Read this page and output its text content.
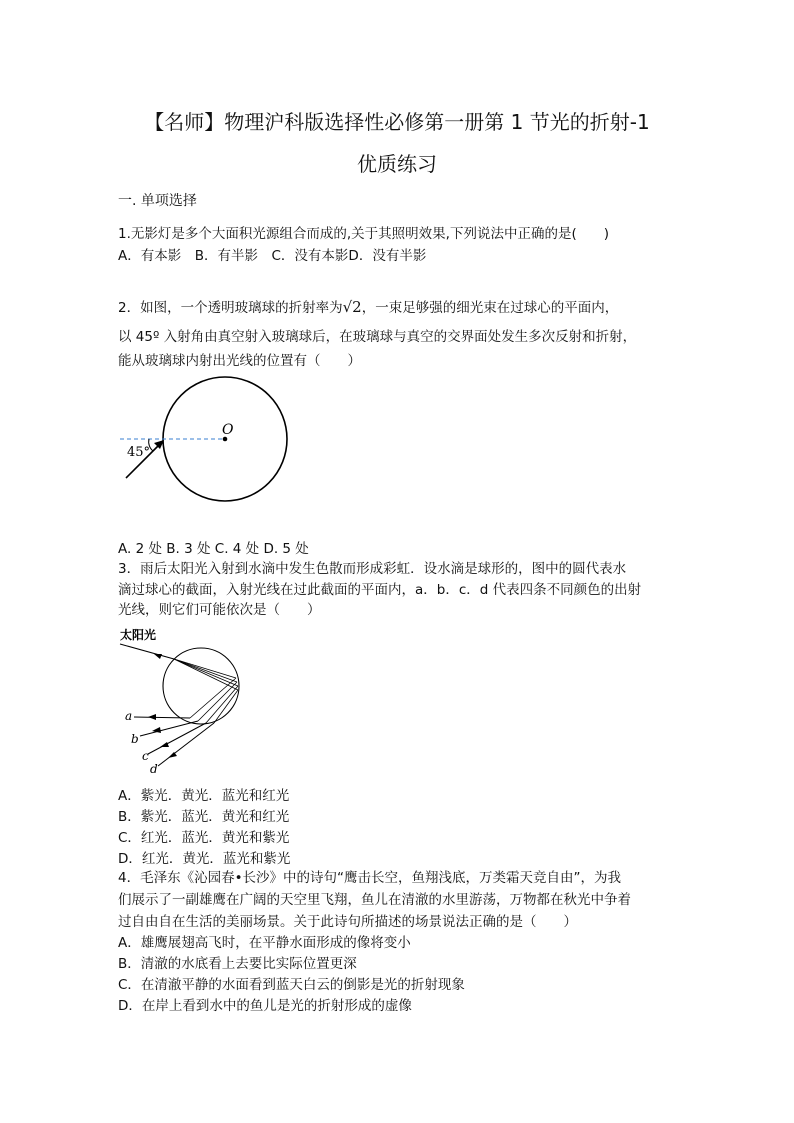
【名师】物理沪科版选择性必修第一册第 1 节光的折射-1
优质练习
一. 单项选择
1.无影灯是多个大面积光源组合而成的,关于其照明效果,下列说法中正确的是(　　)
A．有本影　B．有半影　C．没有本影D．没有半影
2．如图，一个透明玻璃球的折射率为√2，一束足够强的细光束在过球心的平面内，
以 45º 入射角由真空射入玻璃球后，在玻璃球与真空的交界面处发生多次反射和折射，
能从玻璃球内射出光线的位置有（　　）
O
45°
A. 2 处 B. 3 处 C. 4 处 D. 5 处
3．雨后太阳光入射到水滴中发生色散而形成彩虹．设水滴是球形的，图中的圆代表水
滴过球心的截面，入射光线在过此截面的平面内，a．b．c．d 代表四条不同颜色的出射
光线，则它们可能依次是（　　）
太阳光
a
b
c
d
A．紫光．黄光．蓝光和红光
B．紫光．蓝光．黄光和红光
C．红光．蓝光．黄光和紫光
D．红光．黄光．蓝光和紫光
4．毛泽东《沁园春•长沙》中的诗句“鹰击长空，鱼翔浅底，万类霜天竞自由”，为我
们展示了一副雄鹰在广阔的天空里飞翔，鱼儿在清澈的水里游荡，万物都在秋光中争着
过自由自在生活的美丽场景。关于此诗句所描述的场景说法正确的是（　　）
A．雄鹰展翅高飞时，在平静水面形成的像将变小
B．清澈的水底看上去要比实际位置更深
C．在清澈平静的水面看到蓝天白云的倒影是光的折射现象
D．在岸上看到水中的鱼儿是光的折射形成的虚像
